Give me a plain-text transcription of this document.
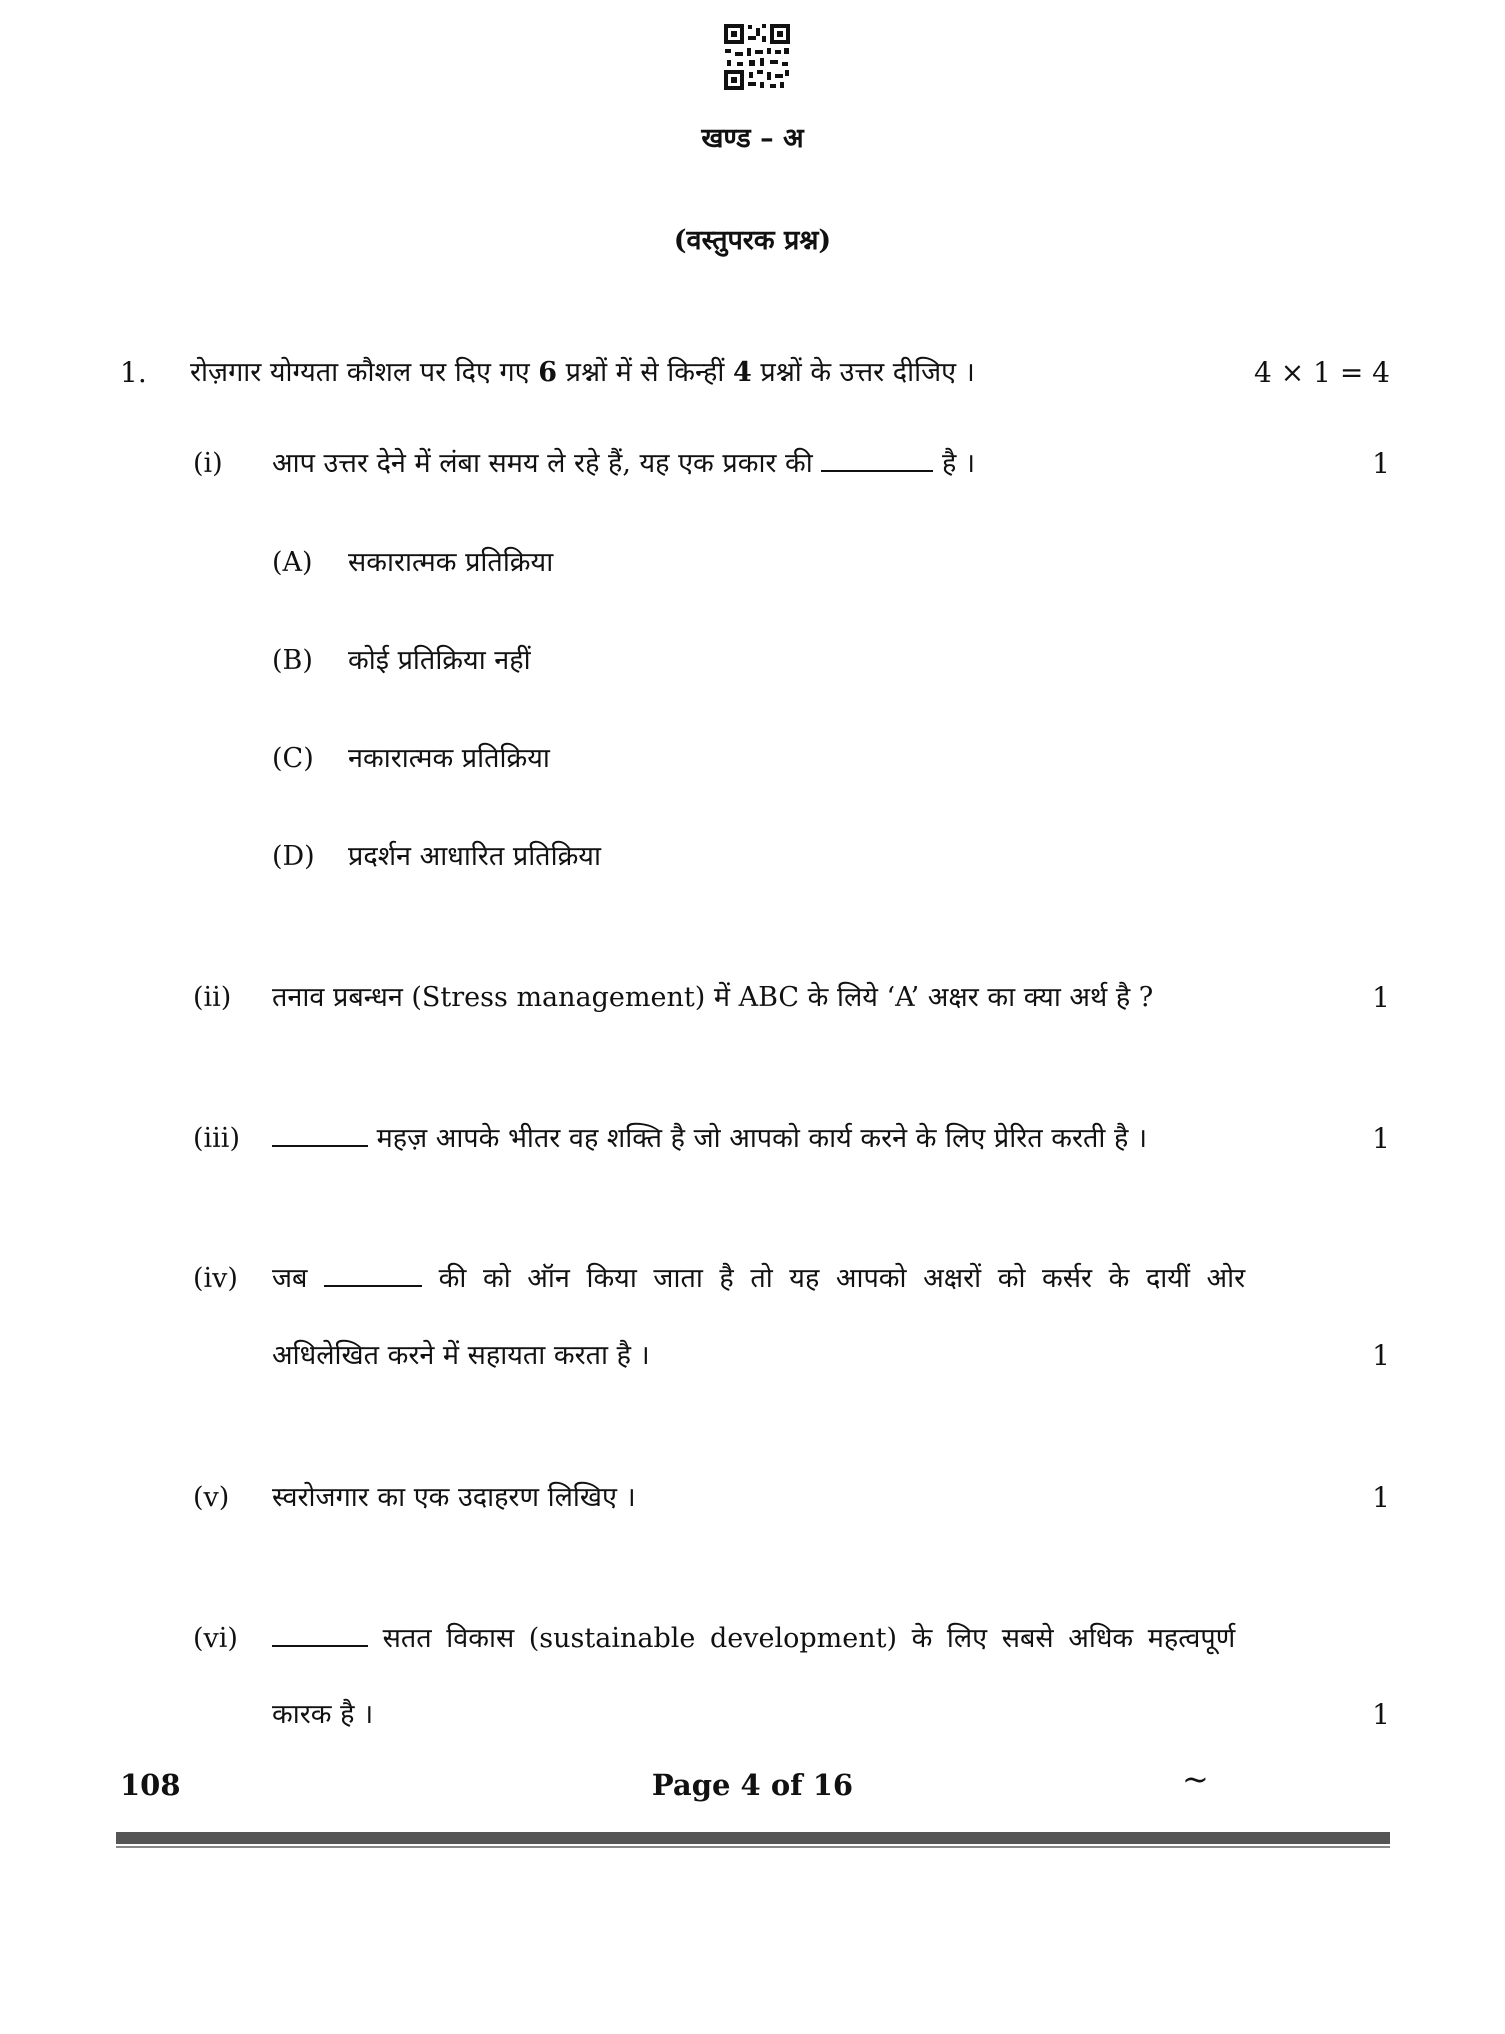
खण्ड – अ
(वस्तुपरक प्रश्न)
1. रोज़गार योग्यता कौशल पर दिए गए 6 प्रश्नों में से किन्हीं 4 प्रश्नों के उत्तर दीजिए ।	4 × 1 = 4
(i) आप उत्तर देने में लंबा समय ले रहे हैं, यह एक प्रकार की	है ।	1
(A) सकारात्मक प्रतिक्रिया
(B) कोई प्रतिक्रिया नहीं
(C) नकारात्मक प्रतिक्रिया
(D) प्रदर्शन आधारित प्रतिक्रिया
(ii) तनाव प्रबन्धन (Stress management) में ABC के लिये ‘A’ अक्षर का क्या अर्थ है ?	1
(iii)	महज़ आपके भीतर वह शक्ति है जो आपको कार्य करने के लिए प्रेरित करती है ।	1
(iv) जब	की को ऑन किया जाता है तो यह आपको अक्षरों को कर्सर के दायीं ओर
अधिलेखित करने में सहायता करता है ।	1
(v) स्वरोजगार का एक उदाहरण लिखिए ।	1
(vi)	सतत विकास (sustainable development) के लिए सबसे अधिक महत्वपूर्ण
कारक है ।	1
108	Page 4 of 16	~
